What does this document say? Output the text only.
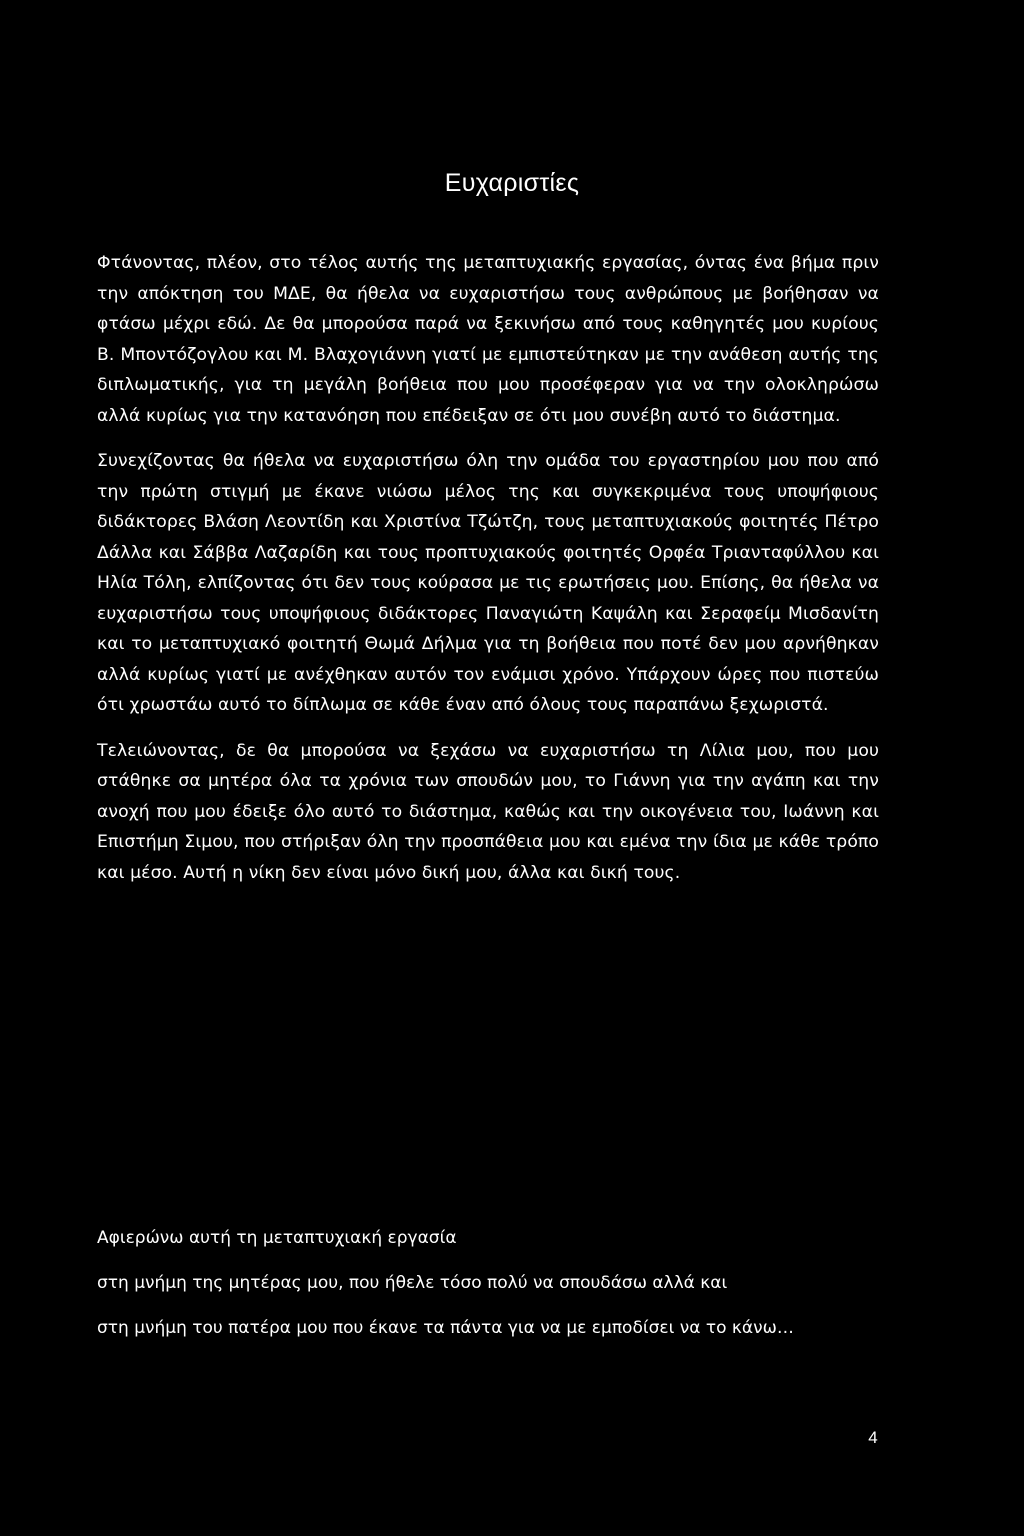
Ευχαριστίες

Φτάνοντας, πλέον, στο τέλος αυτής της μεταπτυχιακής εργασίας, όντας ένα βήμα πριν την απόκτηση του ΜΔΕ, θα ήθελα να ευχαριστήσω τους ανθρώπους με βοήθησαν να φτάσω μέχρι εδώ. Δε θα μπορούσα παρά να ξεκινήσω από τους καθηγητές μου κυρίους Β. Μποντόζογλου και Μ. Βλαχογιάννη γιατί με εμπιστεύτηκαν με την ανάθεση αυτής της διπλωματικής, για τη μεγάλη βοήθεια που μου προσέφεραν για να την ολοκληρώσω αλλά κυρίως για την κατανόηση που επέδειξαν σε ότι μου συνέβη αυτό το διάστημα.

Συνεχίζοντας θα ήθελα να ευχαριστήσω όλη την ομάδα του εργαστηρίου μου που από την πρώτη στιγμή με έκανε νιώσω μέλος της και συγκεκριμένα τους υποψήφιους διδάκτορες Βλάση Λεοντίδη και Χριστίνα Τζώτζη, τους μεταπτυχιακούς φοιτητές Πέτρο Δάλλα και Σάββα Λαζαρίδη και τους προπτυχιακούς φοιτητές Ορφέα Τριανταφύλλου και Ηλία Τόλη, ελπίζοντας ότι δεν τους κούρασα με τις ερωτήσεις μου. Επίσης, θα ήθελα να ευχαριστήσω τους υποψήφιους διδάκτορες Παναγιώτη Καψάλη και Σεραφείμ Μισδανίτη και το μεταπτυχιακό φοιτητή Θωμά Δήλμα για τη βοήθεια που ποτέ δεν μου αρνήθηκαν αλλά κυρίως γιατί με ανέχθηκαν αυτόν τον ενάμισι χρόνο. Υπάρχουν ώρες που πιστεύω ότι χρωστάω αυτό το δίπλωμα σε κάθε έναν από όλους τους παραπάνω ξεχωριστά.

Τελειώνοντας, δε θα μπορούσα να ξεχάσω να ευχαριστήσω τη Λίλια μου, που μου στάθηκε σα μητέρα όλα τα χρόνια των σπουδών μου, το Γιάννη για την αγάπη και την ανοχή που μου έδειξε όλο αυτό το διάστημα, καθώς και την οικογένεια του, Ιωάννη και Επιστήμη Σιμου, που στήριξαν όλη την προσπάθεια μου και εμένα την ίδια με κάθε τρόπο και μέσο. Αυτή η νίκη δεν είναι μόνο δική μου, άλλα και δική τους.

Αφιερώνω αυτή τη μεταπτυχιακή εργασία
στη μνήμη της μητέρας μου, που ήθελε τόσο πολύ να σπουδάσω αλλά και
στη μνήμη του πατέρα μου που έκανε τα πάντα για να με εμποδίσει να το κάνω…
4
